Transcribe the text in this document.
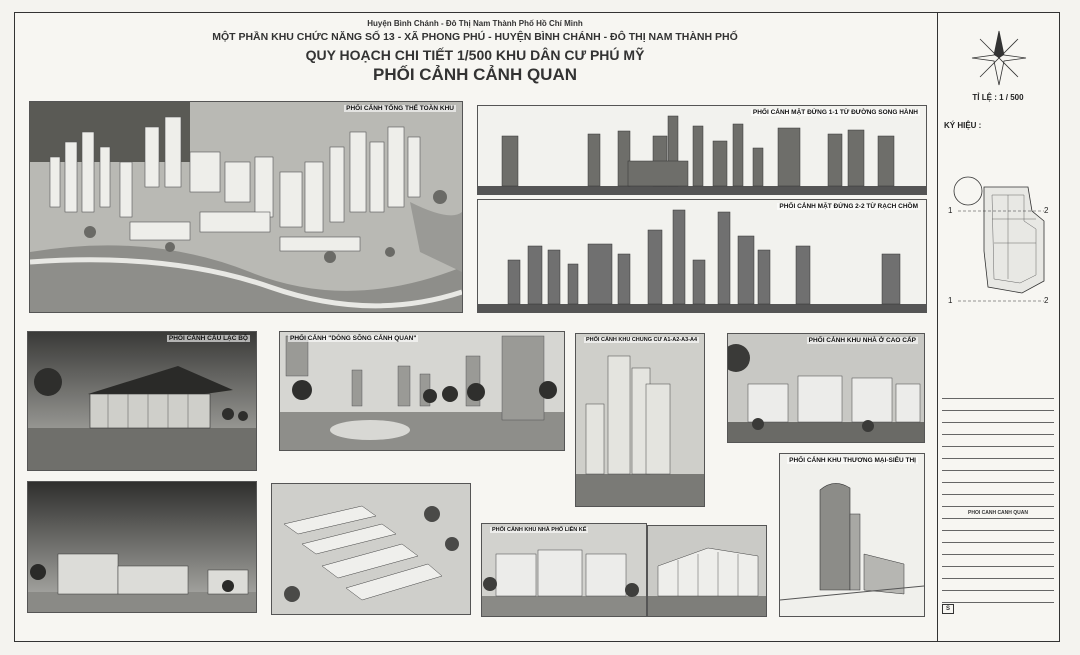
Huyện Bình Chánh - Đô Thị Nam Thành Phố Hồ Chí Minh
MỘT PHẦN KHU CHỨC NĂNG SỐ 13 - XÃ PHONG PHÚ - HUYỆN BÌNH CHÁNH - ĐÔ THỊ NAM THÀNH PHỐ
QUY HOẠCH CHI TIẾT 1/500 KHU DÂN CƯ PHÚ MỸ
PHỐI CẢNH CẢNH QUAN
PHỐI CẢNH TỔNG THỂ TOÀN KHU
PHỐI CẢNH MẶT ĐỨNG 1-1 TỪ ĐƯỜNG SONG HÀNH
PHỐI CẢNH MẶT ĐỨNG 2-2 TỪ RẠCH CHỒM
PHỐI CẢNH CÂU LẠC BỘ	PHỐI CẢNH "DÒNG SÔNG CẢNH QUAN"	PHỐI CẢNH KHU CHUNG CƯ A1-A2-A3-A4	PHỐI CẢNH KHU NHÀ Ở CAO CẤP
PHỐI CẢNH KHU NHÀ PHỐ LIÊN KẾ
PHỐI CẢNH KHU THƯƠNG MẠI-SIÊU THỊ
TỈ LỆ : 1 / 500
KÝ HIỆU :
1	2
1	2
PHỐI CẢNH CẢNH QUAN
S
